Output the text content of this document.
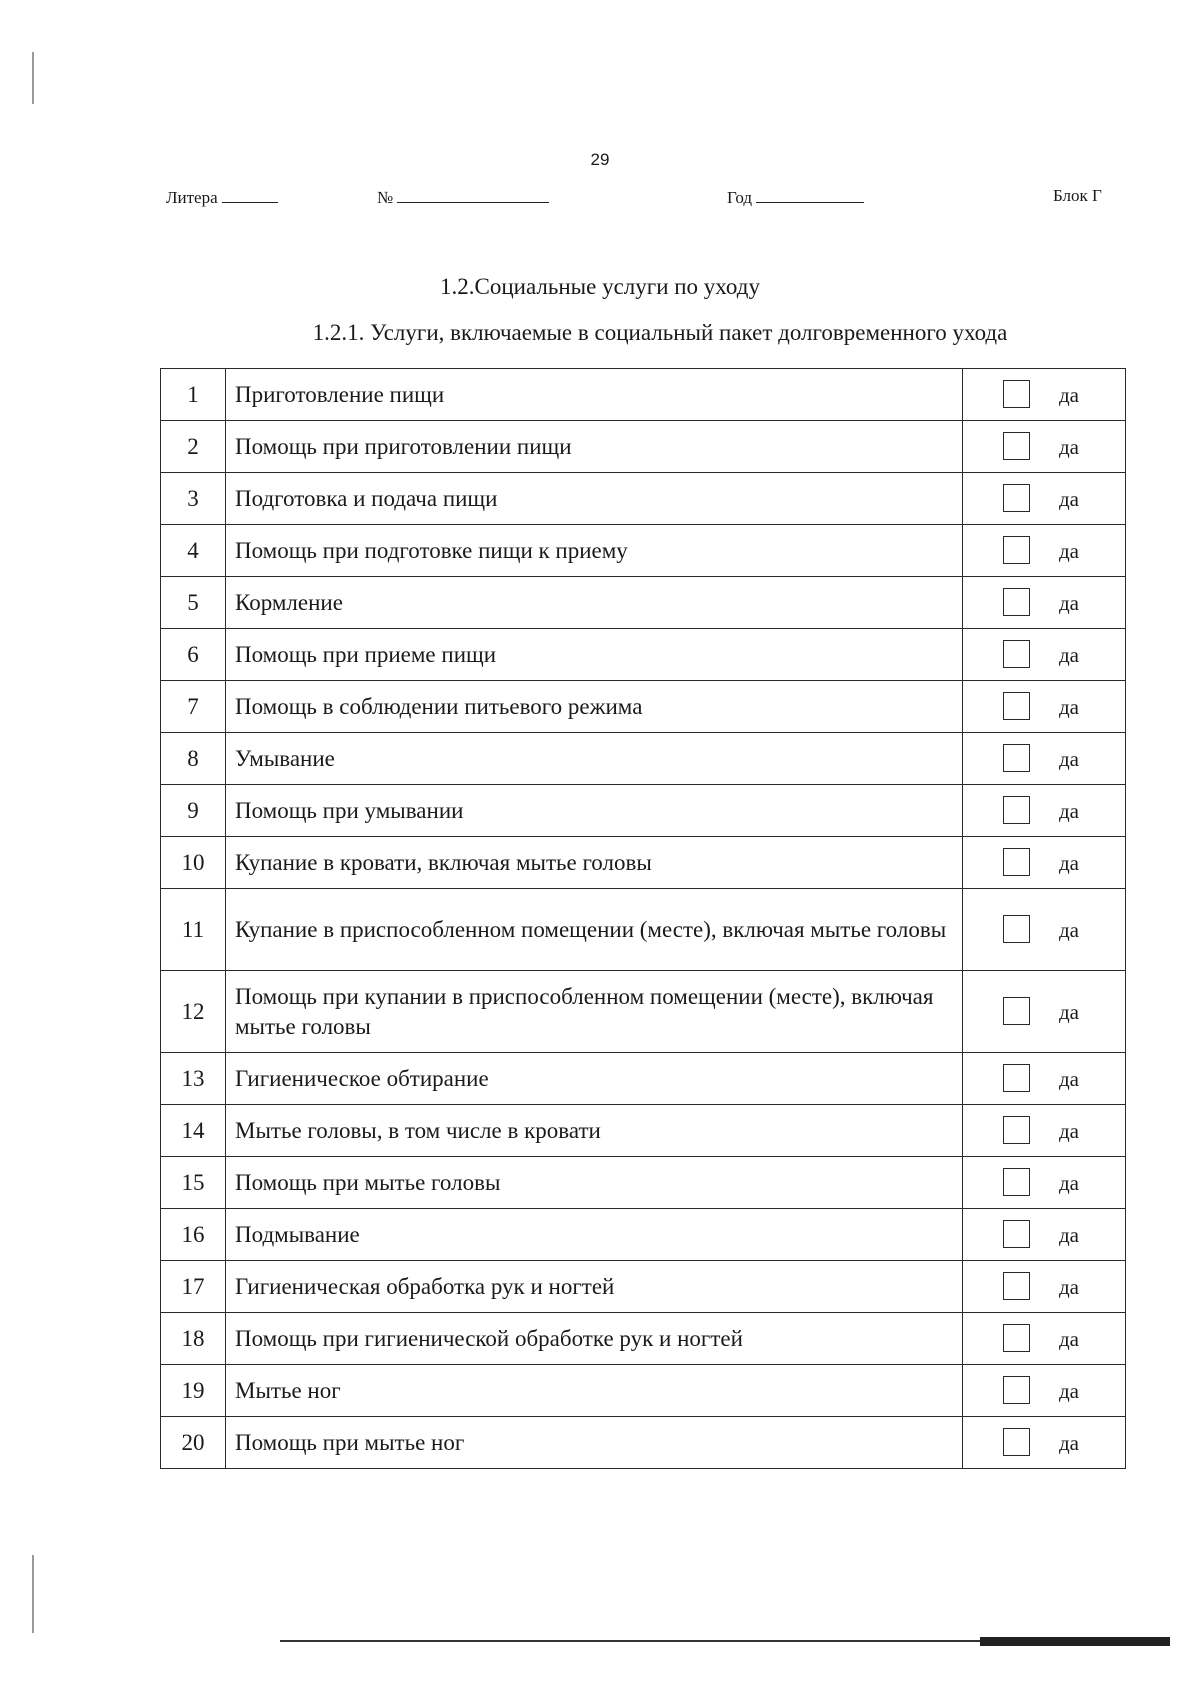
29
Литера	№	Год	Блок Г
1.2.Социальные услуги по уходу
1.2.1. Услуги, включаемые в социальный пакет долговременного ухода
1	Приготовление пищи	да

2	Помощь при приготовлении пищи	да

3	Подготовка и подача пищи	да

4	Помощь при подготовке пищи к приему	да

5	Кормление	да

6	Помощь при приеме пищи	да

7	Помощь в соблюдении питьевого режима	да

8	Умывание	да

9	Помощь при умывании	да

10	Купание в кровати, включая мытье головы	да

11	Купание в приспособленном помещении (месте), включая мытье головы	да

12	Помощь при купании в приспособленном помещении (месте), включая мытье головы	да

13	Гигиеническое обтирание	да

14	Мытье головы, в том числе в кровати	да

15	Помощь при мытье головы	да

16	Подмывание	да

17	Гигиеническая обработка рук и ногтей	да

18	Помощь при гигиенической обработке рук и ногтей	да

19	Мытье ног	да

20	Помощь при мытье ног	да
